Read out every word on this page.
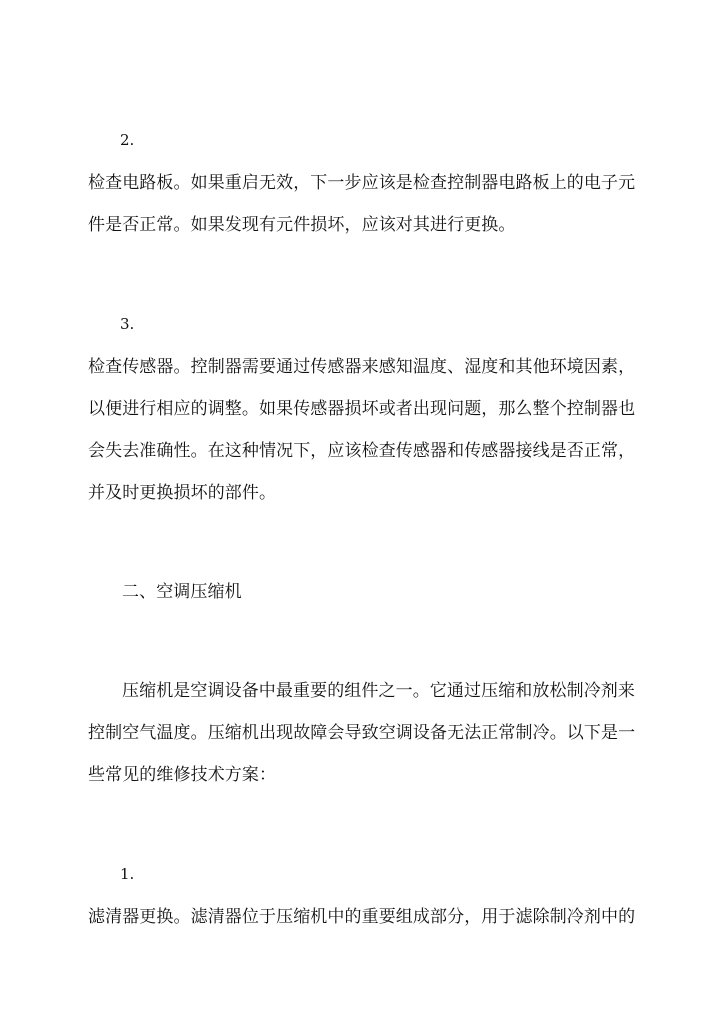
2.
检查电路板。如果重启无效，下一步应该是检查控制器电路板上的电子元
件是否正常。如果发现有元件损坏，应该对其进行更换。
3.
检查传感器。控制器需要通过传感器来感知温度、湿度和其他环境因素，
以便进行相应的调整。如果传感器损坏或者出现问题，那么整个控制器也
会失去准确性。在这种情况下，应该检查传感器和传感器接线是否正常，
并及时更换损坏的部件。
二、空调压缩机
压缩机是空调设备中最重要的组件之一。它通过压缩和放松制冷剂来
控制空气温度。压缩机出现故障会导致空调设备无法正常制冷。以下是一
些常见的维修技术方案：
1.
滤清器更换。滤清器位于压缩机中的重要组成部分，用于滤除制冷剂中的
